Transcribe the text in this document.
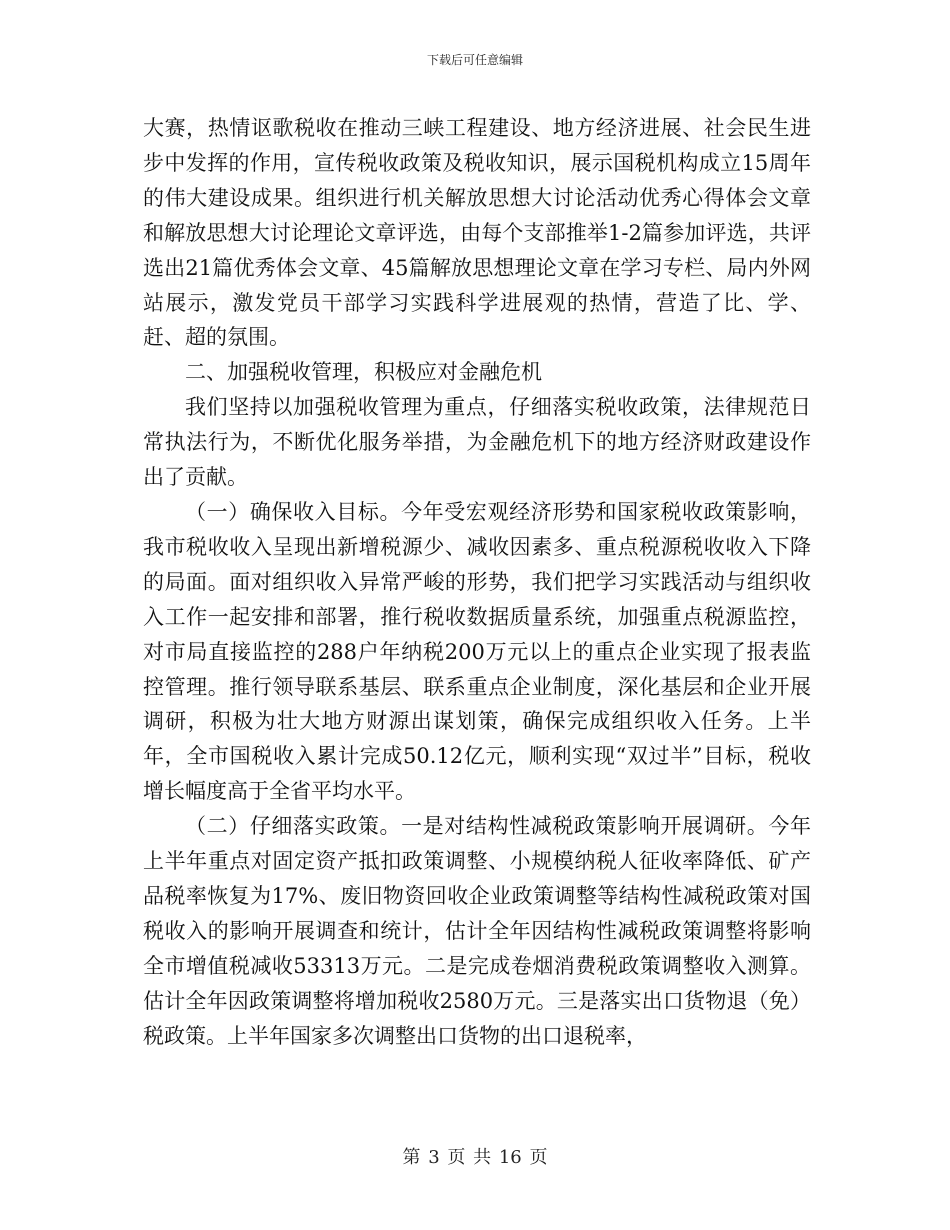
下载后可任意编辑

大赛，热情讴歌税收在推动三峡工程建设、地方经济进展、社会民生进步中发挥的作用，宣传税收政策及税收知识，展示国税机构成立15周年的伟大建设成果。组织进行机关解放思想大讨论活动优秀心得体会文章和解放思想大讨论理论文章评选，由每个支部推举1-2篇参加评选，共评选出21篇优秀体会文章、45篇解放思想理论文章在学习专栏、局内外网站展示，激发党员干部学习实践科学进展观的热情，营造了比、学、赶、超的氛围。

二、加强税收管理，积极应对金融危机

我们坚持以加强税收管理为重点，仔细落实税收政策，法律规范日常执法行为，不断优化服务举措，为金融危机下的地方经济财政建设作出了贡献。

（一）确保收入目标。今年受宏观经济形势和国家税收政策影响，我市税收收入呈现出新增税源少、减收因素多、重点税源税收收入下降的局面。面对组织收入异常严峻的形势，我们把学习实践活动与组织收入工作一起安排和部署，推行税收数据质量系统，加强重点税源监控，对市局直接监控的288户年纳税200万元以上的重点企业实现了报表监控管理。推行领导联系基层、联系重点企业制度，深化基层和企业开展调研，积极为壮大地方财源出谋划策，确保完成组织收入任务。上半年，全市国税收入累计完成50.12亿元，顺利实现“双过半”目标，税收增长幅度高于全省平均水平。

（二）仔细落实政策。一是对结构性减税政策影响开展调研。今年上半年重点对固定资产抵扣政策调整、小规模纳税人征收率降低、矿产品税率恢复为17%、废旧物资回收企业政策调整等结构性减税政策对国税收入的影响开展调查和统计，估计全年因结构性减税政策调整将影响全市增值税减收53313万元。二是完成卷烟消费税政策调整收入测算。估计全年因政策调整将增加税收2580万元。三是落实出口货物退（免）税政策。上半年国家多次调整出口货物的出口退税率，

第 3 页 共 16 页
